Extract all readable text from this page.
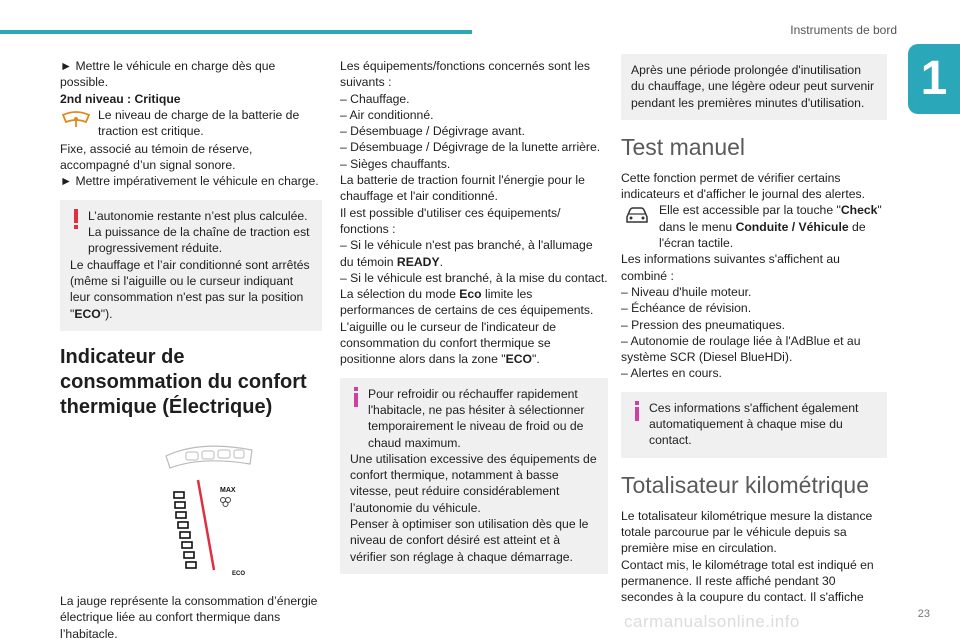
Instruments de bord
1

► Mettre le véhicule en charge dès que possible.

2nd niveau : Critique

Le niveau de charge de la batterie de traction est critique.

Fixe, associé au témoin de réserve, accompagné d’un signal sonore.

► Mettre impérativement le véhicule en charge.

L’autonomie restante n’est plus calculée. La puissance de la chaîne de traction est progressivement réduite.

Le chauffage et l’air conditionné sont arrêtés (même si l'aiguille ou le curseur indiquant leur consommation n'est pas sur la position "ECO").

Indicateur de consommation du confort thermique (Électrique)
MAX
ECO

La jauge représente la consommation d’énergie électrique liée au confort thermique dans l’habitacle.

Les équipements/fonctions concernés sont les suivants :

– Chauffage.

– Air conditionné.

– Désembuage / Dégivrage avant.

– Désembuage / Dégivrage de la lunette arrière.

– Sièges chauffants.

La batterie de traction fournit l'énergie pour le chauffage et l'air conditionné.

Il est possible d'utiliser ces équipements/ fonctions :

– Si le véhicule n'est pas branché, à l'allumage du témoin READY.

– Si le véhicule est branché, à la mise du contact.

La sélection du mode Eco limite les performances de certains de ces équipements. L'aiguille ou le curseur de l'indicateur de consommation du confort thermique se positionne alors dans la zone "ECO".

Pour refroidir ou réchauffer rapidement l'habitacle, ne pas hésiter à sélectionner temporairement le niveau de froid ou de chaud maximum.

Une utilisation excessive des équipements de confort thermique, notamment à basse vitesse, peut réduire considérablement l’autonomie du véhicule.

Penser à optimiser son utilisation dès que le niveau de confort désiré est atteint et à vérifier son réglage à chaque démarrage.

Après une période prolongée d'inutilisation du chauffage, une légère odeur peut survenir pendant les premières minutes d'utilisation.

Test manuel

Cette fonction permet de vérifier certains indicateurs et d'afficher le journal des alertes.

Elle est accessible par la touche "Check" dans le menu Conduite / Véhicule de l'écran tactile.

Les informations suivantes s'affichent au combiné :

– Niveau d'huile moteur.

– Échéance de révision.

– Pression des pneumatiques.

– Autonomie de roulage liée à l'AdBlue et au système SCR (Diesel BlueHDi).

– Alertes en cours.

Ces informations s'affichent également automatiquement à chaque mise du contact.

Totalisateur kilométrique

Le totalisateur kilométrique mesure la distance totale parcourue par le véhicule depuis sa première mise en circulation.

Contact mis, le kilométrage total est indiqué en permanence. Il reste affiché pendant 30 secondes à la coupure du contact. Il s'affiche

carmanualsonline.info	23
